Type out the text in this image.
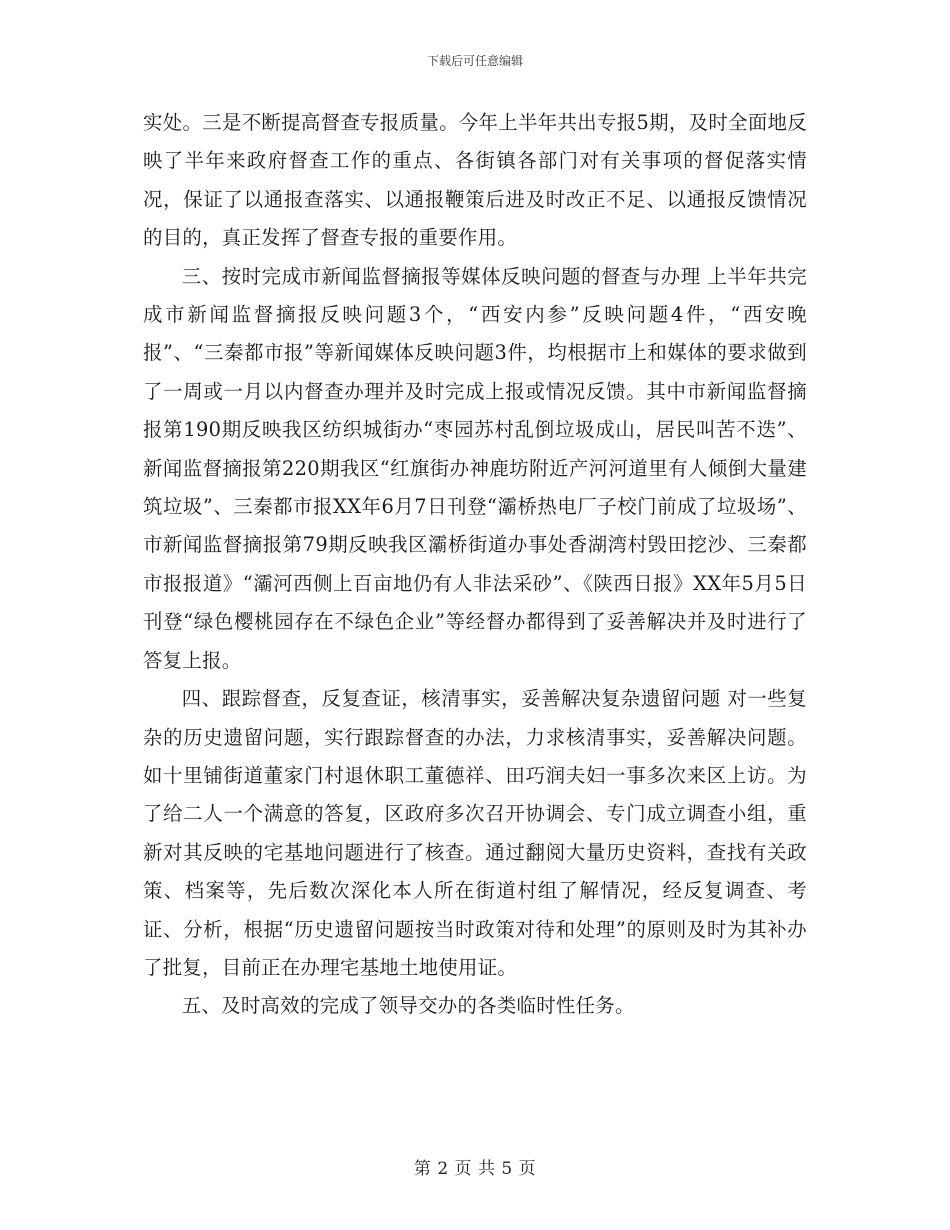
下载后可任意编辑

实处。三是不断提高督查专报质量。今年上半年共出专报5期，及时全面地反映了半年来政府督查工作的重点、各街镇各部门对有关事项的督促落实情况，保证了以通报查落实、以通报鞭策后进及时改正不足、以通报反馈情况的目的，真正发挥了督查专报的重要作用。

三、按时完成市新闻监督摘报等媒体反映问题的督查与办理 上半年共完成市新闻监督摘报反映问题3个，“西安内参”反映问题4件，“西安晚报”、“三秦都市报”等新闻媒体反映问题3件，均根据市上和媒体的要求做到了一周或一月以内督查办理并及时完成上报或情况反馈。其中市新闻监督摘报第190期反映我区纺织城街办“枣园苏村乱倒垃圾成山，居民叫苦不迭”、新闻监督摘报第220期我区“红旗街办神鹿坊附近产河河道里有人倾倒大量建筑垃圾”、三秦都市报XX年6月7日刊登“灞桥热电厂子校门前成了垃圾场”、市新闻监督摘报第79期反映我区灞桥街道办事处香湖湾村毁田挖沙、三秦都市报报道》“灞河西侧上百亩地仍有人非法采砂”、《陕西日报》XX年5月5日刊登“绿色樱桃园存在不绿色企业”等经督办都得到了妥善解决并及时进行了答复上报。

四、跟踪督查，反复查证，核清事实，妥善解决复杂遗留问题 对一些复杂的历史遗留问题，实行跟踪督查的办法，力求核清事实，妥善解决问题。如十里铺街道董家门村退休职工董德祥、田巧润夫妇一事多次来区上访。为了给二人一个满意的答复，区政府多次召开协调会、专门成立调查小组，重新对其反映的宅基地问题进行了核查。通过翻阅大量历史资料，查找有关政策、档案等，先后数次深化本人所在街道村组了解情况，经反复调查、考证、分析，根据“历史遗留问题按当时政策对待和处理”的原则及时为其补办了批复，目前正在办理宅基地土地使用证。

五、及时高效的完成了领导交办的各类临时性任务。

第 2 页 共 5 页
